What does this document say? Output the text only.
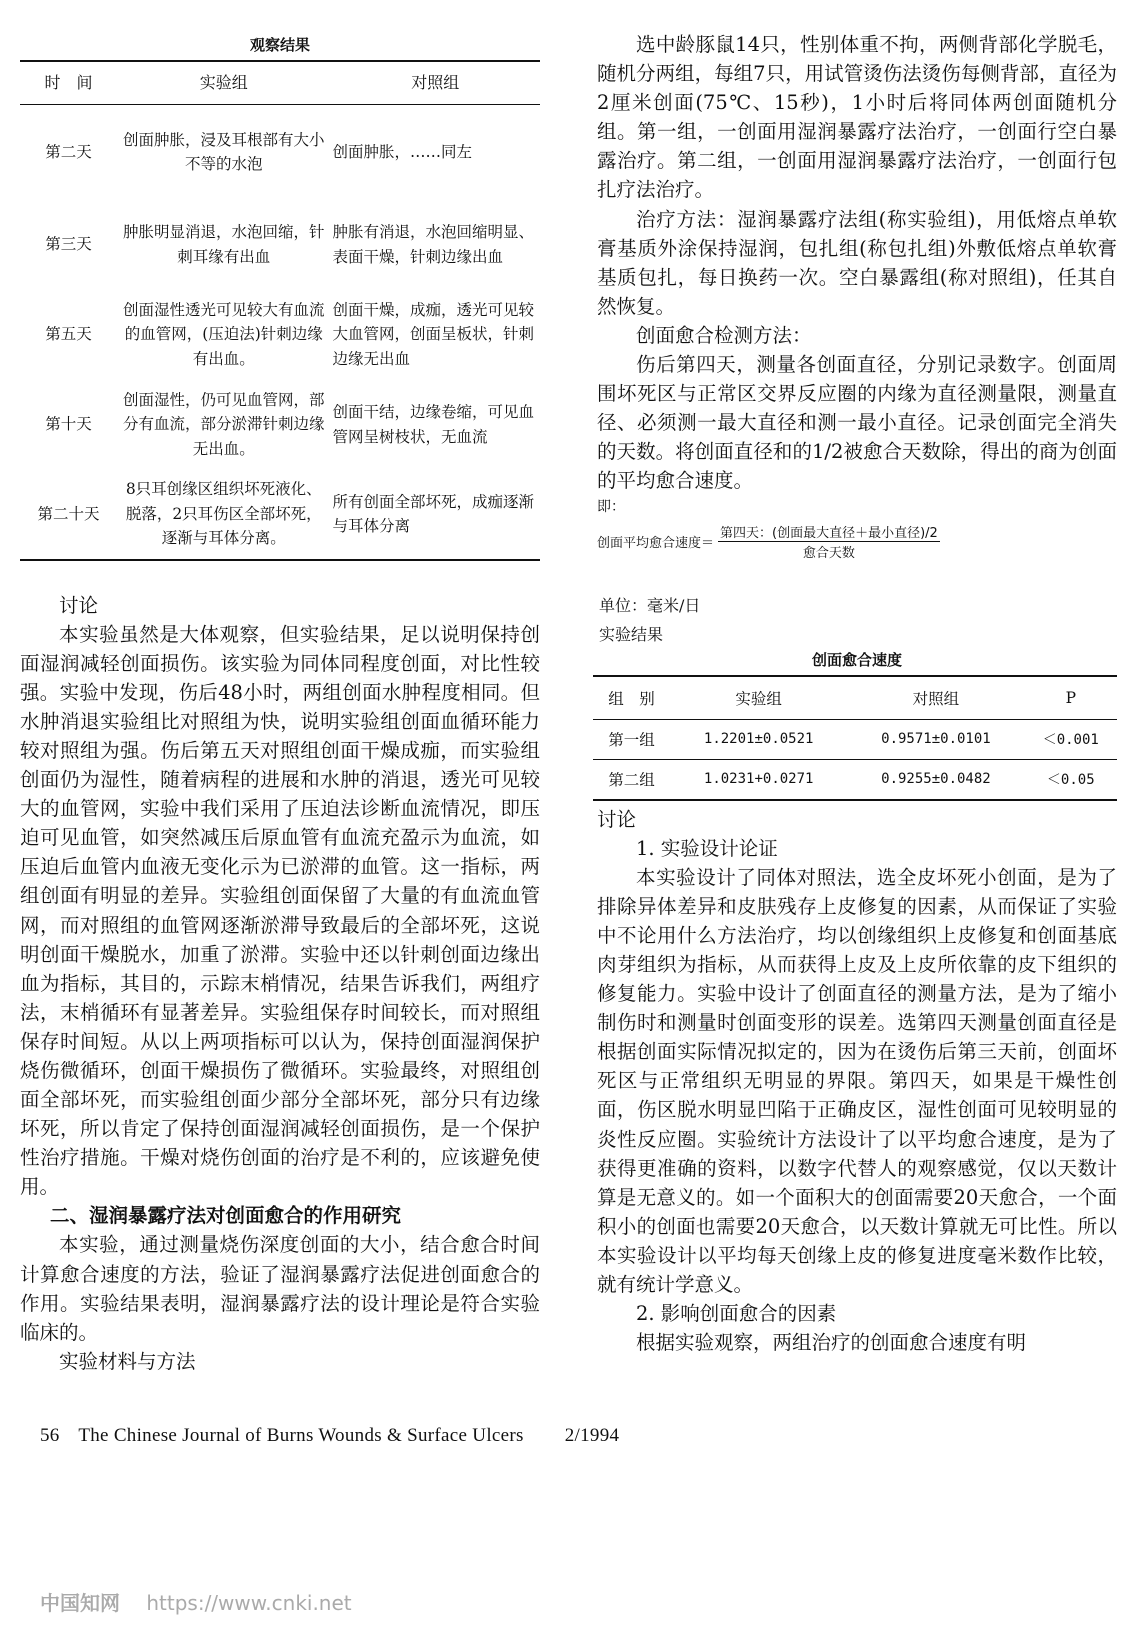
观察结果
时　间	实验组	对照组
第二天	创面肿胀，浸及耳根部有大小不等的水泡	创面肿胀，……同左
第三天	肿胀明显消退，水泡回缩，针刺耳缘有出血	肿胀有消退，水泡回缩明显、表面干燥，针刺边缘出血
第五天	创面湿性透光可见较大有血流的血管网，(压迫法)针刺边缘有出血。	创面干燥，成痂，透光可见较大血管网，创面呈板状，针刺边缘无出血
第十天	创面湿性，仍可见血管网，部分有血流，部分淤滞针刺边缘无出血。	创面干结，边缘卷缩，可见血管网呈树枝状，无血流
第二十天	8只耳创缘区组织坏死液化、脱落，2只耳伤区全部坏死，逐渐与耳体分离。	所有创面全部坏死，成痂逐渐与耳体分离

讨论

本实验虽然是大体观察，但实验结果，足以说明保持创面湿润减轻创面损伤。该实验为同体同程度创面，对比性较强。实验中发现，伤后48小时，两组创面水肿程度相同。但水肿消退实验组比对照组为快，说明实验组创面血循环能力较对照组为强。伤后第五天对照组创面干燥成痂，而实验组创面仍为湿性，随着病程的进展和水肿的消退，透光可见较大的血管网，实验中我们采用了压迫法诊断血流情况，即压迫可见血管，如突然减压后原血管有血流充盈示为血流，如压迫后血管内血液无变化示为已淤滞的血管。这一指标，两组创面有明显的差异。实验组创面保留了大量的有血流血管网，而对照组的血管网逐渐淤滞导致最后的全部坏死，这说明创面干燥脱水，加重了淤滞。实验中还以针刺创面边缘出血为指标，其目的，示踪末梢情况，结果告诉我们，两组疗法，末梢循环有显著差异。实验组保存时间较长，而对照组保存时间短。从以上两项指标可以认为，保持创面湿润保护烧伤微循环，创面干燥损伤了微循环。实验最终，对照组创面全部坏死，而实验组创面少部分全部坏死，部分只有边缘坏死，所以肯定了保持创面湿润减轻创面损伤，是一个保护性治疗措施。干燥对烧伤创面的治疗是不利的，应该避免使用。

二、湿润暴露疗法对创面愈合的作用研究

本实验，通过测量烧伤深度创面的大小，结合愈合时间计算愈合速度的方法，验证了湿润暴露疗法促进创面愈合的作用。实验结果表明，湿润暴露疗法的设计理论是符合实验临床的。

实验材料与方法

选中龄豚鼠14只，性别体重不拘，两侧背部化学脱毛，随机分两组，每组7只，用试管烫伤法烫伤每侧背部，直径为2厘米创面(75℃、15秒)，1小时后将同体两创面随机分组。第一组，一创面用湿润暴露疗法治疗，一创面行空白暴露治疗。第二组，一创面用湿润暴露疗法治疗，一创面行包扎疗法治疗。

治疗方法：湿润暴露疗法组(称实验组)，用低熔点单软膏基质外涂保持湿润，包扎组(称包扎组)外敷低熔点单软膏基质包扎，每日换药一次。空白暴露组(称对照组)，任其自然恢复。

创面愈合检测方法：

伤后第四天，测量各创面直径，分别记录数字。创面周围坏死区与正常区交界反应圈的内缘为直径测量限，测量直径、必须测一最大直径和测一最小直径。记录创面完全消失的天数。将创面直径和的1/2被愈合天数除，得出的商为创面的平均愈合速度。

即：

创面平均愈合速度＝ $\frac{\text{第四天：(创面最大直径＋最小直径)/2}}{\text{愈合天数}}$

单位：毫米/日

实验结果

创面愈合速度
组　别	实验组	对照组	P
第一组	1.2201±0.0521	0.9571±0.0101	＜0.001
第二组	1.0231+0.0271	0.9255±0.0482	＜0.05

讨论

1. 实验设计论证

本实验设计了同体对照法，选全皮坏死小创面，是为了排除异体差异和皮肤残存上皮修复的因素，从而保证了实验中不论用什么方法治疗，均以创缘组织上皮修复和创面基底肉芽组织为指标，从而获得上皮及上皮所依靠的皮下组织的修复能力。实验中设计了创面直径的测量方法，是为了缩小制伤时和测量时创面变形的误差。选第四天测量创面直径是根据创面实际情况拟定的，因为在烫伤后第三天前，创面坏死区与正常组织无明显的界限。第四天，如果是干燥性创面，伤区脱水明显凹陷于正确皮区，湿性创面可见较明显的炎性反应圈。实验统计方法设计了以平均愈合速度，是为了获得更准确的资料，以数字代替人的观察感觉，仅以天数计算是无意义的。如一个面积大的创面需要20天愈合，一个面积小的创面也需要20天愈合，以天数计算就无可比性。所以本实验设计以平均每天创缘上皮的修复进度毫米数作比较，就有统计学意义。

2. 影响创面愈合的因素

根据实验观察，两组治疗的创面愈合速度有明

56 The Chinese Journal of Burns Wounds & Surface Ulcers 2/1994
中国知网 https://www.cnki.net
